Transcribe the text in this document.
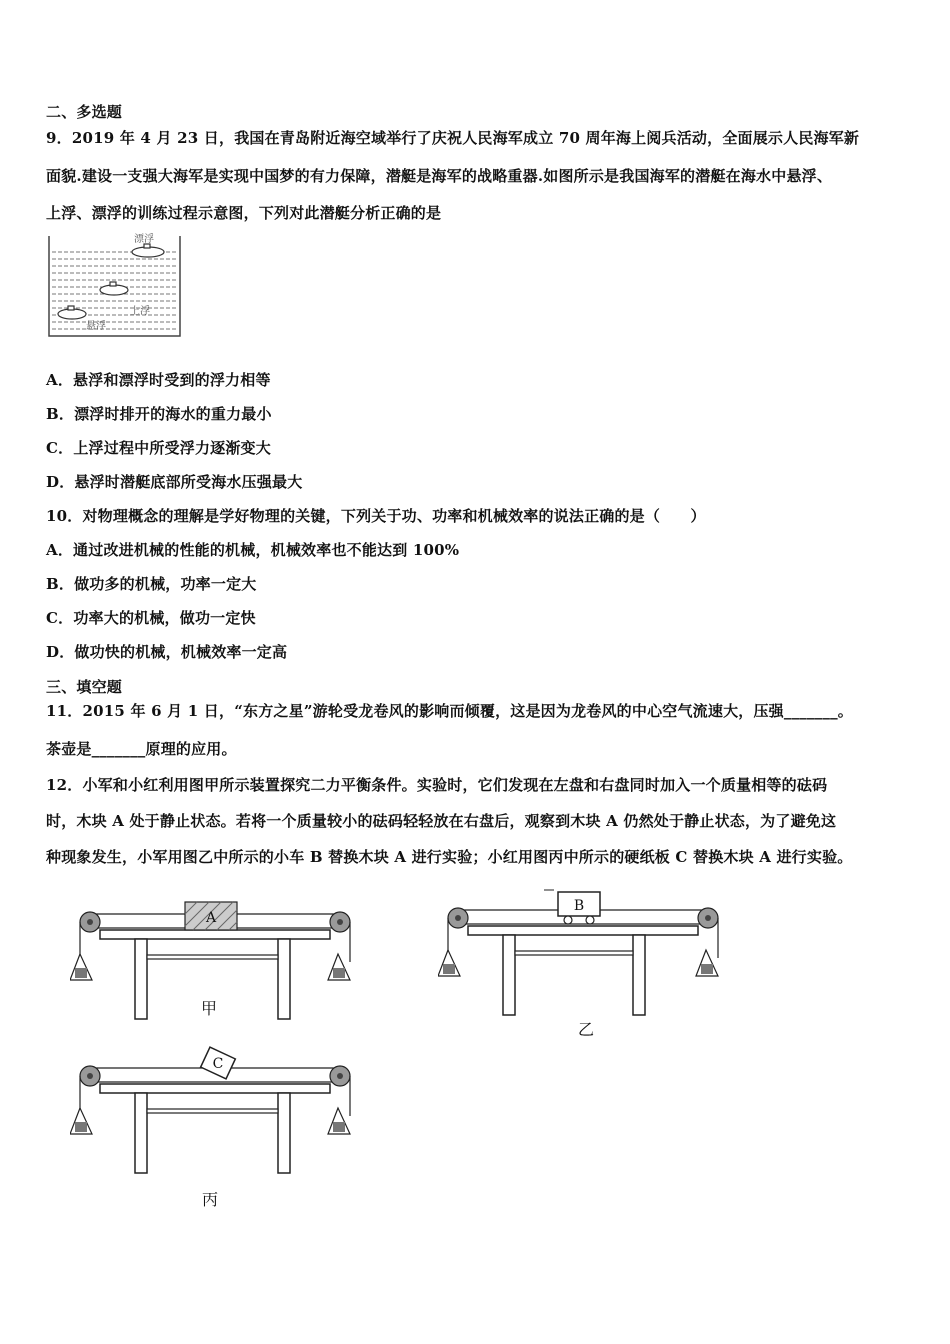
二、多选题
9．2019 年 4 月 23 日，我国在青岛附近海空域举行了庆祝人民海军成立 70 周年海上阅兵活动，全面展示人民海军新
面貌.建设一支强大海军是实现中国梦的有力保障，潜艇是海军的战略重器.如图所示是我国海军的潜艇在海水中悬浮、
上浮、漂浮的训练过程示意图，下列对此潜艇分析正确的是
漂浮
上浮
悬浮
A．悬浮和漂浮时受到的浮力相等
B．漂浮时排开的海水的重力最小
C．上浮过程中所受浮力逐渐变大
D．悬浮时潜艇底部所受海水压强最大
10．对物理概念的理解是学好物理的关键，下列关于功、功率和机械效率的说法正确的是（　　）
A．通过改进机械的性能的机械，机械效率也不能达到 100%
B．做功多的机械，功率一定大
C．功率大的机械，做功一定快
D．做功快的机械，机械效率一定高
三、填空题
11．2015 年 6 月 1 日，“东方之星”游轮受龙卷风的影响而倾覆，这是因为龙卷风的中心空气流速大，压强_______。
茶壶是_______原理的应用。
12．小军和小红利用图甲所示装置探究二力平衡条件。实验时，它们发现在左盘和右盘同时加入一个质量相等的砝码
时，木块 A 处于静止状态。若将一个质量较小的砝码轻轻放在右盘后，观察到木块 A 仍然处于静止状态，为了避免这
种现象发生，小军用图乙中所示的小车 B 替换木块 A 进行实验；小红用图丙中所示的硬纸板 C 替换木块 A 进行实验。
A
甲
B
乙
C
丙
